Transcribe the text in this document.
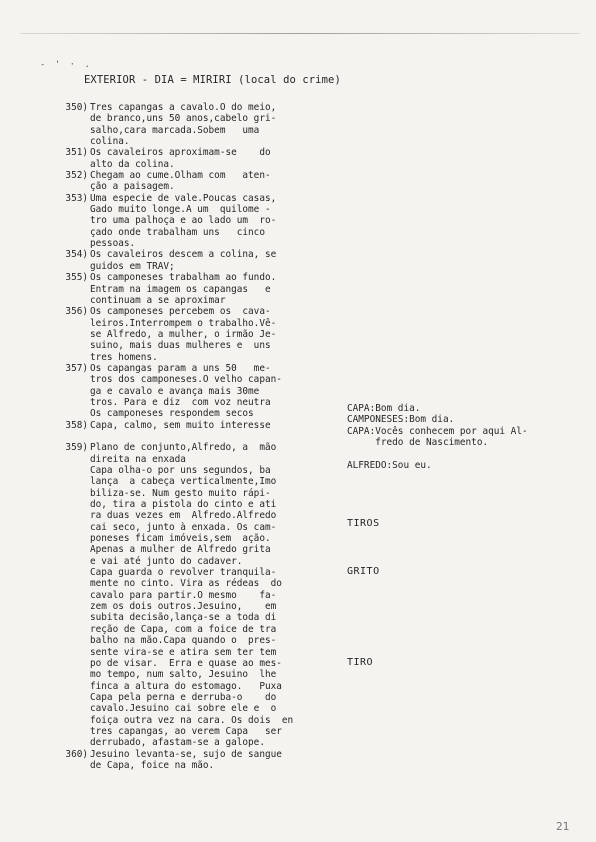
- ' · .
EXTERIOR - DIA = MIRIRI (local do crime)
350) Tres capangas a cavalo.O do meio,
de branco,uns 50 anos,cabelo gri-
salho,cara marcada.Sobem   uma
colina.
351) Os cavaleiros aproximam-se    do
alto da colina.
352) Chegam ao cume.Olham com   aten-
ção a paisagem.
353) Uma especie de vale.Poucas casas,
Gado muito longe.A um  quilome -
tro uma palhoça e ao lado um  ro-
çado onde trabalham uns   cinco
pessoas.
354) Os cavaleiros descem a colina, se
guidos em TRAV;
355) Os camponeses trabalham ao fundo.
Entram na imagem os capangas   e
continuam a se aproximar
356) Os camponeses percebem os  cava-
leiros.Interrompem o trabalho.Vê-
se Alfredo, a mulher, o irmão Je-
suino, mais duas mulheres e  uns
tres homens.
357) Os capangas param a uns 50   me-
tros dos camponeses.O velho capan-
ga e cavalo e avança mais 30me
tros. Para e diz  com voz neutra
Os camponeses respondem secos
358) Capa, calmo, sem muito interesse
359) Plano de conjunto,Alfredo, a  mão
direita na enxada
Capa olha-o por uns segundos, ba
lança  a cabeça verticalmente,Imo
biliza-se. Num gesto muito rápi-
do, tira a pistola do cinto e ati
ra duas vezes em  Alfredo.Alfredo
cai seco, junto à enxada. Os cam-
poneses ficam imóveis,sem  ação.
Apenas a mulher de Alfredo grita
e vai até junto do cadaver.
Capa guarda o revolver tranquila-
mente no cinto. Vira as rédeas  do
cavalo para partir.O mesmo    fa-
zem os dois outros.Jesuino,    em
subita decisão,lança-se a toda di
reção de Capa, com a foice de tra
balho na mão.Capa quando o  pres-
sente vira-se e atira sem ter tem
po de visar.  Erra e quase ao mes-
mo tempo, num salto, Jesuino  lhe
finca a altura do estomago.   Puxa
Capa pela perna e derruba-o    do
cavalo.Jesuino cai sobre ele e  o
foiça outra vez na cara. Os dois  en
tres capangas, ao verem Capa   ser
derrubado, afastam-se a galope.
360) Jesuino levanta-se, sujo de sangue
de Capa, foice na mão.
CAPA:Bom dia.
CAMPONESES:Bom dia.
CAPA:Vocês conhecem por aqui Al-
fredo de Nascimento.
ALFREDO:Sou eu.
TIROS
GRITO
TIRO
21
